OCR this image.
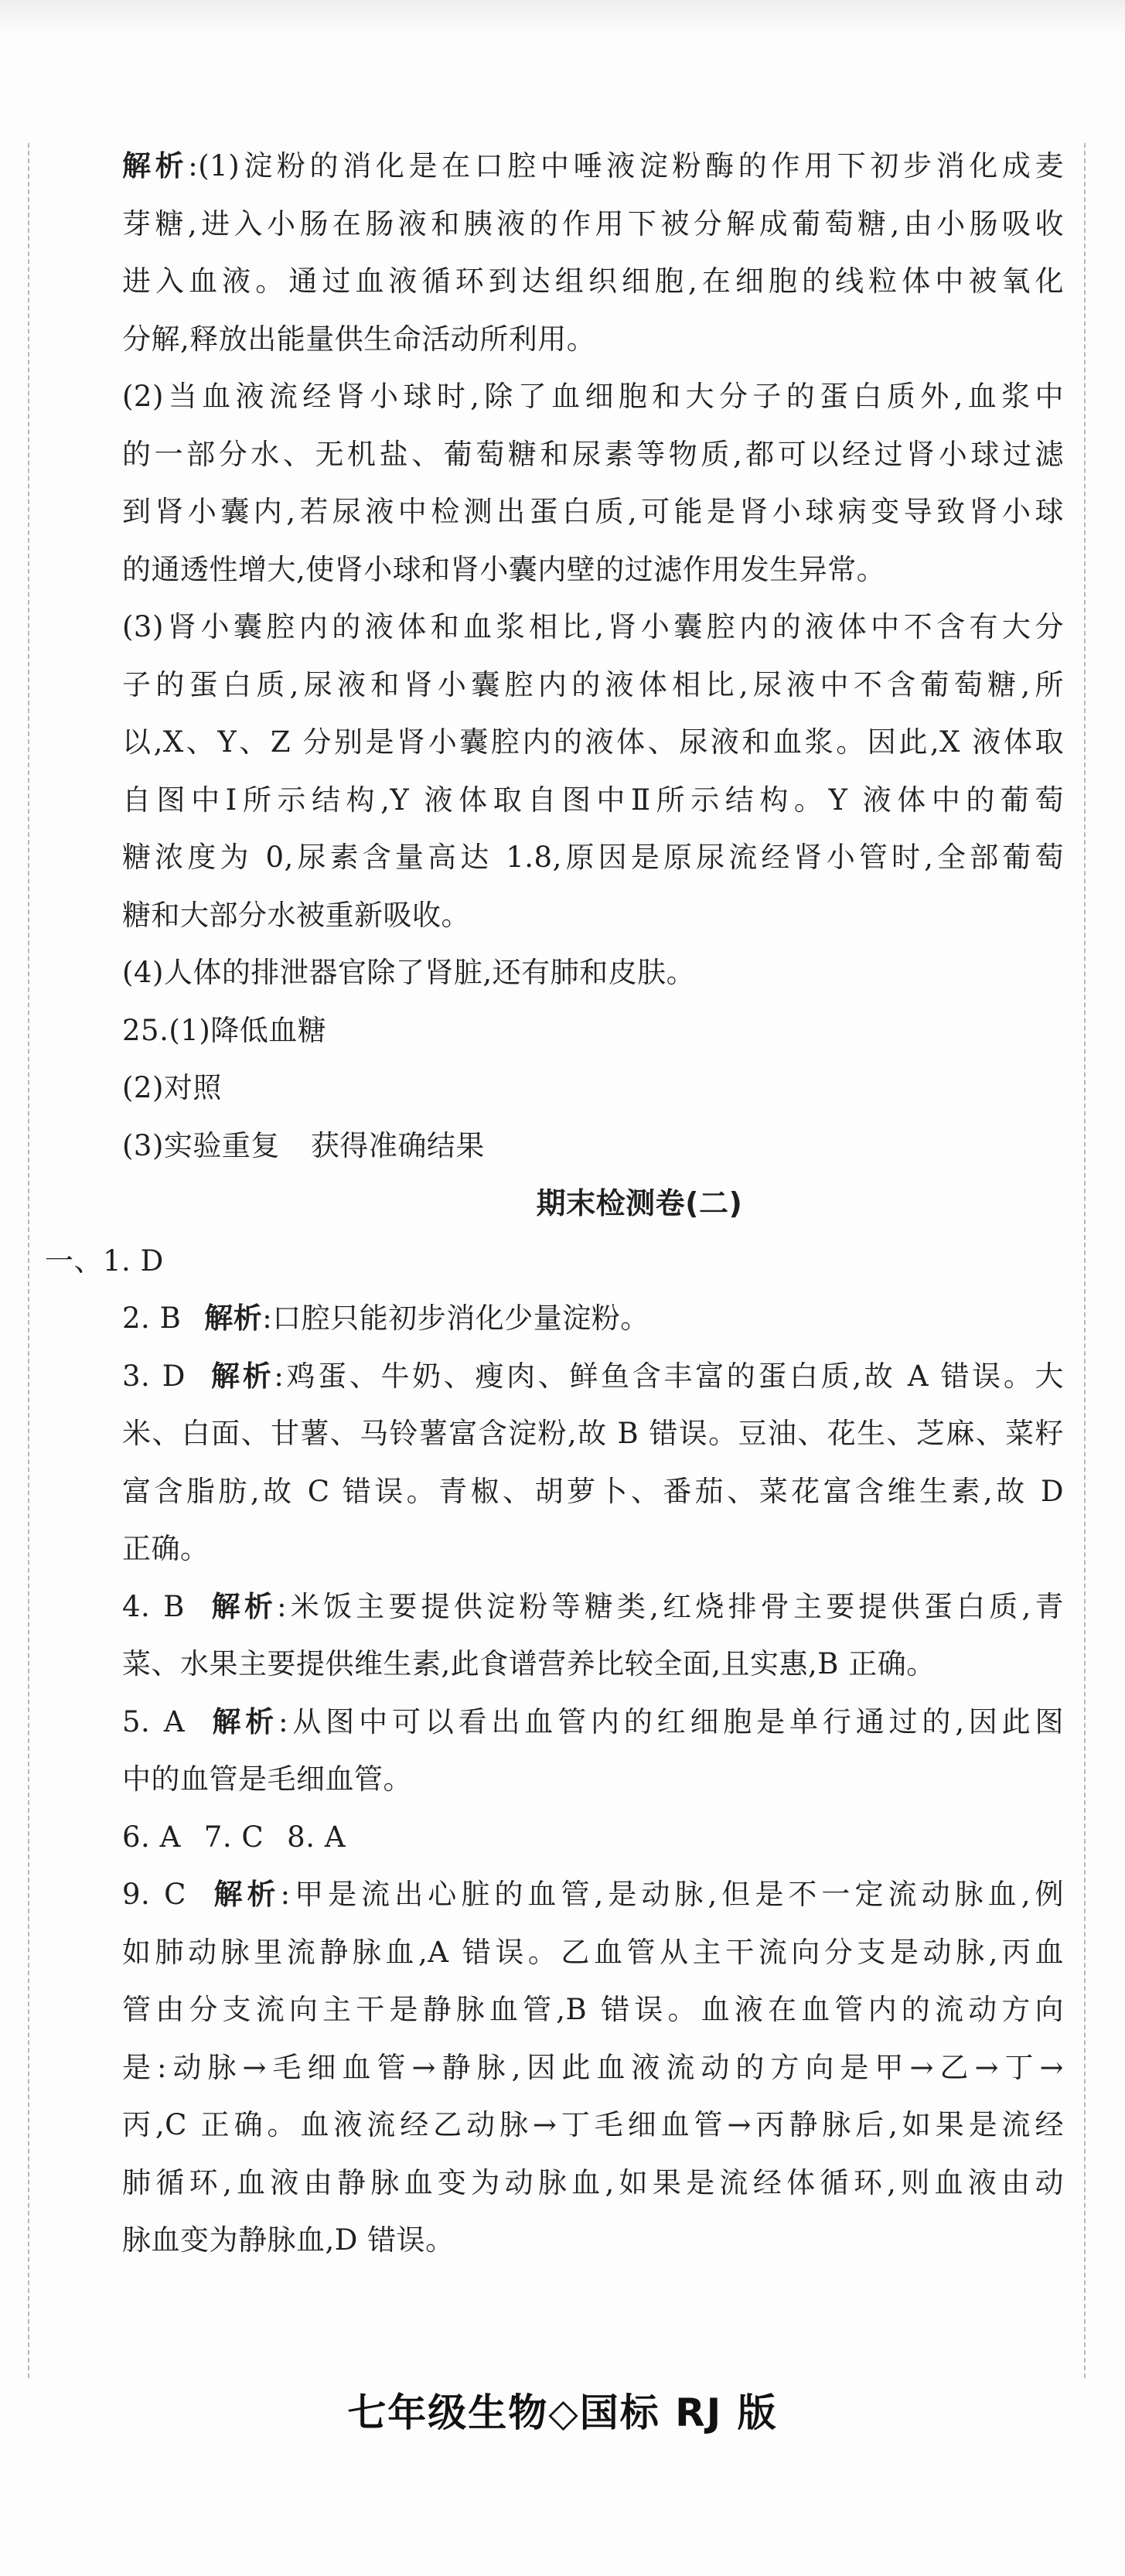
解析:(1)淀粉的消化是在口腔中唾液淀粉酶的作用下初步消化成麦
芽糖,进入小肠在肠液和胰液的作用下被分解成葡萄糖,由小肠吸收
进入血液。通过血液循环到达组织细胞,在细胞的线粒体中被氧化
分解,释放出能量供生命活动所利用。
(2)当血液流经肾小球时,除了血细胞和大分子的蛋白质外,血浆中
的一部分水、无机盐、葡萄糖和尿素等物质,都可以经过肾小球过滤
到肾小囊内,若尿液中检测出蛋白质,可能是肾小球病变导致肾小球
的通透性增大,使肾小球和肾小囊内壁的过滤作用发生异常。
(3)肾小囊腔内的液体和血浆相比,肾小囊腔内的液体中不含有大分
子的蛋白质,尿液和肾小囊腔内的液体相比,尿液中不含葡萄糖,所
以,X、Y、Z 分别是肾小囊腔内的液体、尿液和血浆。因此,X 液体取
自图中Ⅰ所示结构,Y 液体取自图中Ⅱ所示结构。Y 液体中的葡萄
糖浓度为 0,尿素含量高达 1.8,原因是原尿流经肾小管时,全部葡萄
糖和大部分水被重新吸收。
(4)人体的排泄器官除了肾脏,还有肺和皮肤。
25.(1)降低血糖
(2)对照
(3)实验重复 获得准确结果
期末检测卷(二)
一、1. D
2. B 解析:口腔只能初步消化少量淀粉。
3. D 解析:鸡蛋、牛奶、瘦肉、鲜鱼含丰富的蛋白质,故 A 错误。大
米、白面、甘薯、马铃薯富含淀粉,故 B 错误。豆油、花生、芝麻、菜籽
富含脂肪,故 C 错误。青椒、胡萝卜、番茄、菜花富含维生素,故 D
正确。
4. B 解析:米饭主要提供淀粉等糖类,红烧排骨主要提供蛋白质,青
菜、水果主要提供维生素,此食谱营养比较全面,且实惠,B 正确。
5. A 解析:从图中可以看出血管内的红细胞是单行通过的,因此图
中的血管是毛细血管。
6. A 7. C 8. A
9. C 解析:甲是流出心脏的血管,是动脉,但是不一定流动脉血,例
如肺动脉里流静脉血,A 错误。乙血管从主干流向分支是动脉,丙血
管由分支流向主干是静脉血管,B 错误。血液在血管内的流动方向
是:动脉→毛细血管→静脉,因此血液流动的方向是甲→乙→丁→
丙,C 正确。血液流经乙动脉→丁毛细血管→丙静脉后,如果是流经
肺循环,血液由静脉血变为动脉血,如果是流经体循环,则血液由动
脉血变为静脉血,D 错误。
七年级生物◇国标 RJ 版
